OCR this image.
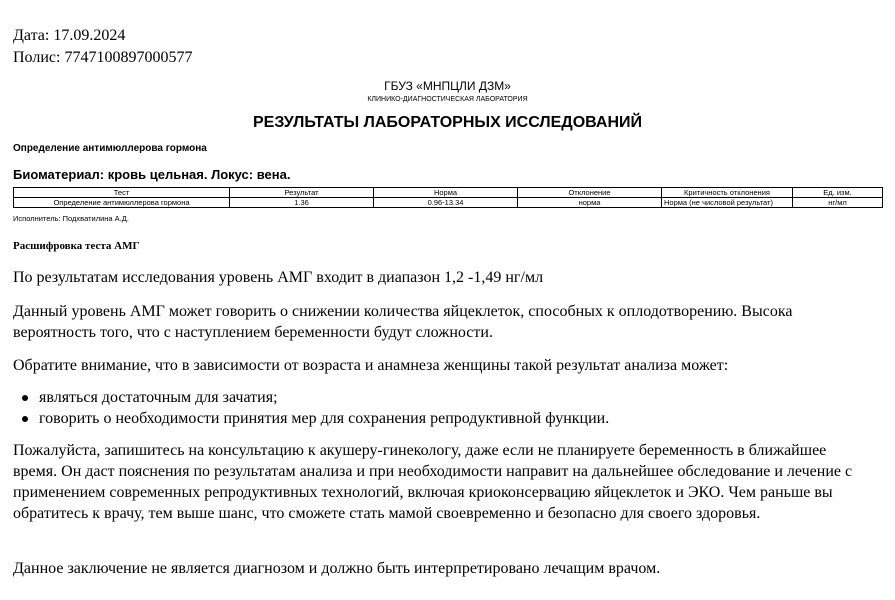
Дата: 17.09.2024
Полис: 7747100897000577
ГБУЗ «МНПЦЛИ ДЗМ»
КЛИНИКО-ДИАГНОСТИЧЕСКАЯ ЛАБОРАТОРИЯ
РЕЗУЛЬТАТЫ ЛАБОРАТОРНЫХ ИССЛЕДОВАНИЙ
Определение антимюллерова гормона
Биоматериал: кровь цельная. Локус: вена.
Тест	Результат	Норма	Отклонение	Критичность отклонения	Ед. изм.
Определение антимюллерова гормона	1.36	0.96-13.34	норма	Норма (не числовой результат)	нг/мл
Исполнитель: Подхватилина А.Д.
Расшифровка теста АМГ
По результатам исследования уровень АМГ входит в диапазон 1,2 -1,49 нг/мл
Данный уровень АМГ может говорить о снижении количества яйцеклеток, способных к оплодотворению. Высока вероятность того, что с наступлением беременности будут сложности.
Обратите внимание, что в зависимости от возраста и анамнеза женщины такой результат анализа может:
являться достаточным для зачатия;
говорить о необходимости принятия мер для сохранения репродуктивной функции.
Пожалуйста, запишитесь на консультацию к акушеру-гинекологу, даже если не планируете беременность в ближайшее время. Он даст пояснения по результатам анализа и при необходимости направит на дальнейшее обследование и лечение с применением современных репродуктивных технологий, включая криоконсервацию яйцеклеток и ЭКО. Чем раньше вы обратитесь к врачу, тем выше шанс, что сможете стать мамой своевременно и безопасно для своего здоровья.
Данное заключение не является диагнозом и должно быть интерпретировано лечащим врачом.
